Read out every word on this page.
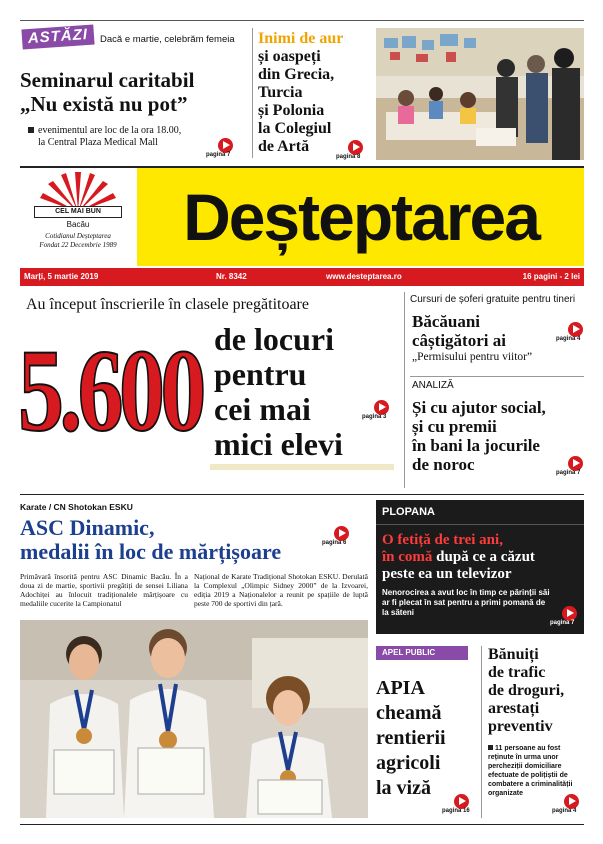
ASTĂZI	Dacă e martie, celebrăm femeia
Seminarul caritabil
„Nu există nu pot”
evenimentul are loc de la ora 18.00,
la Central Plaza Medical Mall
pagina 7
Inimi de aur
și oaspeți
din Grecia,
Turcia
și Polonia
la Colegiul
de Artă
pagina 8
CEL MAI BUN
Bacău
Cotidianul Deșteptarea
Fondat 22 Decembrie 1989	Deșteptarea
Marți, 5 martie 2019	Nr. 8342	www.desteptarea.ro	16 pagini - 2 lei
Au început înscrierile în clasele pregătitoare
5.600 de locuri
pentru
cei mai
mici elevi
pagina 3
Cursuri de șoferi gratuite pentru tineri
Băcăuani
câștigători ai
„Permisului pentru viitor”
pagina 4
ANALIZĂ
Și cu ajutor social,
și cu premii
în bani la jocurile
de noroc	pagina 7
Karate / CN Shotokan ESKU
ASC Dinamic,
medalii în loc de mărțișoare	pagina 6
Primăvară însorită pentru ASC Dinamic Bacău. În a doua zi de martie, sportivii pregătiți de sensei Liliana Adochiței au înlocuit tradiționalele mărțișoare cu medaliile cucerite la Campionatul
Național de Karate Tradițional Shotokan ESKU. Derulată la Complexul „Olimpic Sidney 2000” de la Izvoarei, ediția 2019 a Naționalelor a reunit pe spațiile de luptă peste 700 de sportivi din țară.
PLOPANA
O fetiță de trei ani,
în comă după ce a căzut
peste ea un televizor
Nenorocirea a avut loc în timp ce părinții săi ar fi plecat în sat pentru a primi pomană de la săteni
pagina 7
APEL PUBLIC
APIA
cheamă
rentierii
agricoli
la viză
pagina 16
Bănuiți
de trafic
de droguri,
arestați
preventiv
11 persoane au fost reținute în urma unor percheziții domiciliare efectuate de polițiștii de combatere a criminalității organizate
pagina 4
